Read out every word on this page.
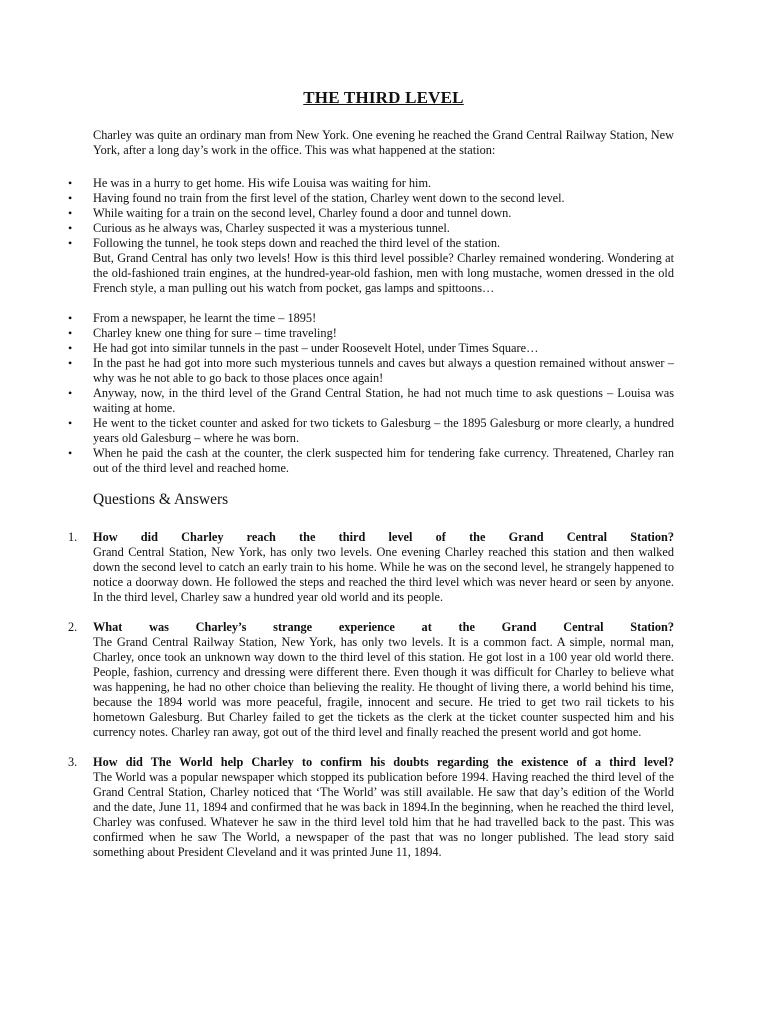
THE THIRD LEVEL

Charley was quite an ordinary man from New York. One evening he reached the Grand Central Railway Station, New York, after a long day’s work in the office. This was what happened at the station:

• He was in a hurry to get home. His wife Louisa was waiting for him.
• Having found no train from the first level of the station, Charley went down to the second level.
• While waiting for a train on the second level, Charley found a door and tunnel down.
• Curious as he always was, Charley suspected it was a mysterious tunnel.
• Following the tunnel, he took steps down and reached the third level of the station.

But, Grand Central has only two levels! How is this third level possible? Charley remained wondering. Wondering at the old-fashioned train engines, at the hundred-year-old fashion, men with long mustache, women dressed in the old French style, a man pulling out his watch from pocket, gas lamps and spittoons…

• From a newspaper, he learnt the time – 1895!
• Charley knew one thing for sure – time traveling!
• He had got into similar tunnels in the past – under Roosevelt Hotel, under Times Square…
• In the past he had got into more such mysterious tunnels and caves but always a question remained without answer – why was he not able to go back to those places once again!
• Anyway, now, in the third level of the Grand Central Station, he had not much time to ask questions – Louisa was waiting at home.
• He went to the ticket counter and asked for two tickets to Galesburg – the 1895 Galesburg or more clearly, a hundred years old Galesburg – where he was born.
• When he paid the cash at the counter, the clerk suspected him for tendering fake currency. Threatened, Charley ran out of the third level and reached home.
Questions & Answers
1. How did Charley reach the third level of the Grand Central Station?
Grand Central Station, New York, has only two levels. One evening Charley reached this station and then walked down the second level to catch an early train to his home. While he was on the second level, he strangely happened to notice a doorway down. He followed the steps and reached the third level which was never heard or seen by anyone. In the third level, Charley saw a hundred year old world and its people.
2. What was Charley’s strange experience at the Grand Central Station?
The Grand Central Railway Station, New York, has only two levels. It is a common fact. A simple, normal man, Charley, once took an unknown way down to the third level of this station. He got lost in a 100 year old world there. People, fashion, currency and dressing were different there. Even though it was difficult for Charley to believe what was happening, he had no other choice than believing the reality. He thought of living there, a world behind his time, because the 1894 world was more peaceful, fragile, innocent and secure. He tried to get two rail tickets to his hometown Galesburg. But Charley failed to get the tickets as the clerk at the ticket counter suspected him and his currency notes. Charley ran away, got out of the third level and finally reached the present world and got home.
3. How did The World help Charley to confirm his doubts regarding the existence of a third level?
The World was a popular newspaper which stopped its publication before 1994. Having reached the third level of the Grand Central Station, Charley noticed that ‘The World’ was still available. He saw that day’s edition of the World and the date, June 11, 1894 and confirmed that he was back in 1894.In the beginning, when he reached the third level, Charley was confused. Whatever he saw in the third level told him that he had travelled back to the past. This was confirmed when he saw The World, a newspaper of the past that was no longer published. The lead story said something about President Cleveland and it was printed June 11, 1894.
